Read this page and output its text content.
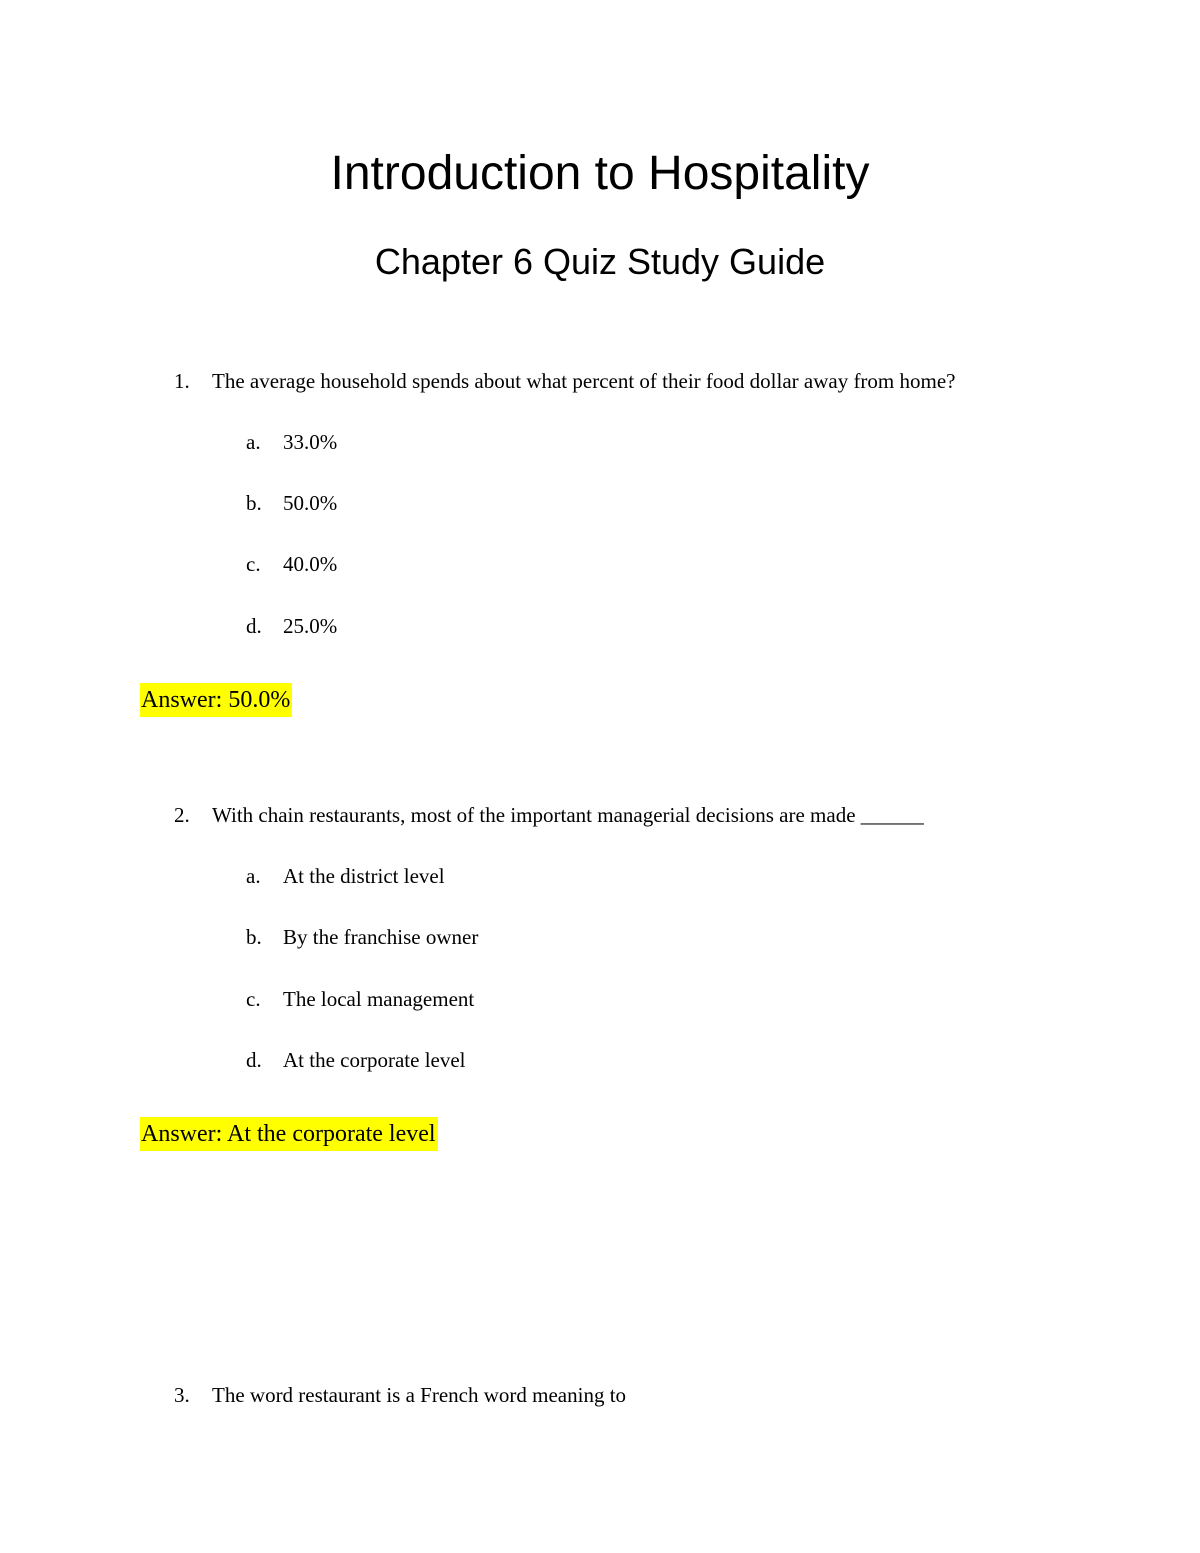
Introduction to Hospitality
Chapter 6 Quiz Study Guide
1. The average household spends about what percent of their food dollar away from home?
a. 33.0%
b. 50.0%
c. 40.0%
d. 25.0%
Answer: 50.0%
2. With chain restaurants, most of the important managerial decisions are made ______
a. At the district level
b. By the franchise owner
c. The local management
d. At the corporate level
Answer: At the corporate level
3. The word restaurant is a French word meaning to
